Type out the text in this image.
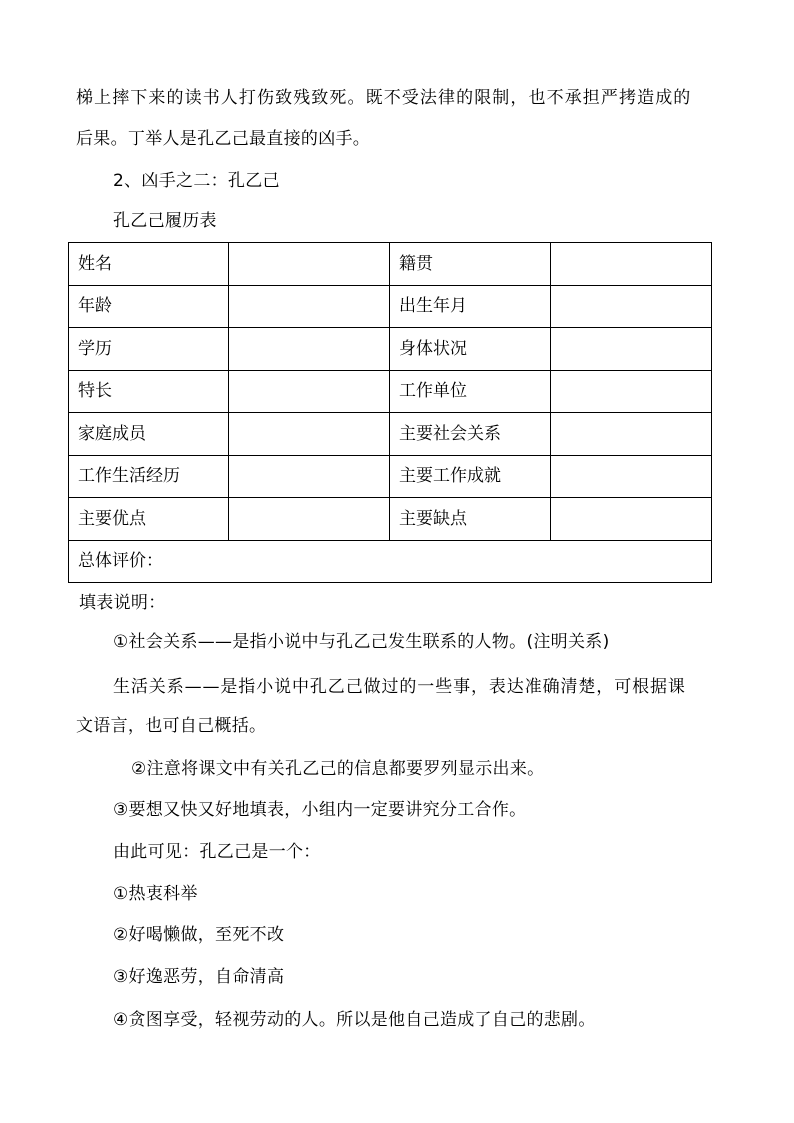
梯上摔下来的读书人打伤致残致死。既不受法律的限制，也不承担严拷造成的
后果。丁举人是孔乙己最直接的凶手。
2、凶手之二：孔乙己
孔乙己履历表
姓名		籍贯	
年龄		出生年月	
学历		身体状况	
特长		工作单位	
家庭成员		主要社会关系	
工作生活经历		主要工作成就	
主要优点		主要缺点	
总体评价：			
填表说明：
①社会关系——是指小说中与孔乙己发生联系的人物。(注明关系)
生活关系——是指小说中孔乙己做过的一些事，表达准确清楚，可根据课
文语言，也可自己概括。
②注意将课文中有关孔乙己的信息都要罗列显示出来。
③要想又快又好地填表，小组内一定要讲究分工合作。
由此可见：孔乙己是一个：
①热衷科举
②好喝懒做，至死不改
③好逸恶劳，自命清高
④贪图享受，轻视劳动的人。所以是他自己造成了自己的悲剧。
